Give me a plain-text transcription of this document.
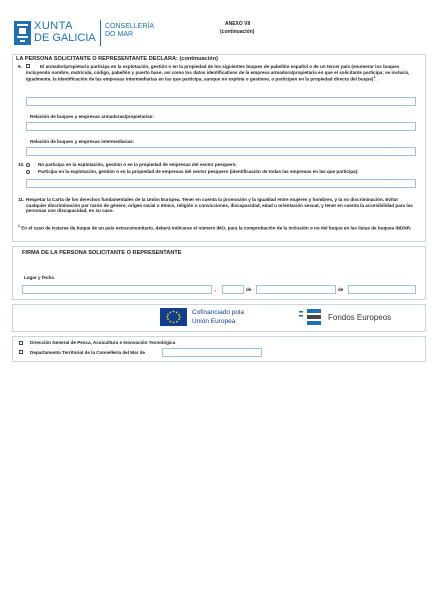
XUNTA
DE GALICIA
CONSELLERÍA
DO MAR
ANEXO VII
(continuación)
LA PERSONA SOLICITANTE O REPRESENTANTE DECLARA: (continuación)
9.	El armador/propietario participa en la explotación, gestión o en la propiedad de los siguientes buques de pabellón español o de un tercer país (enumerar los buques incluyendo nombre, matrícula, código, pabellón y puerto base, así como los datos identificativos de la empresa armadora/propietaria en que el solicitante participa; se incluirá, igualmente, la identificación de las empresas intermediarias en las que participa, aunque no explote o gestione, o participen en la propiedad directa del buque)$^1$.
Relación de buques y empresas armadoras/propietarias:
Relación de buques y empresas intermediarias:
10.	No participa en la explotación, gestión o en la propiedad de empresas del sector pesquero.
Participa en la explotación, gestión o en la propiedad de empresas del sector pesquero (identificación de todas las empresas en las que participa):
11. Respetar la Carta de los derechos fundamentales de la Unión Europea. Tener en cuenta la promoción y la igualdad entre mujeres y hombres, y la no discriminación. Evitar cualquier discriminación por razón de género, origen racial o étnico, religión o convicciones, discapacidad, edad u orientación sexual, y tener en cuenta la accesibilidad para las personas con discapacidad, en su caso.
$^1$ En el caso de tratarse de buque de un país extracomunitario, deberá indicarse el número IMO, para la comprobación de la inclusión o no del buque en las listas de buques INDNR.
FIRMA DE LA PERSONA SOLICITANTE O REPRESENTANTE
Lugar y fecha
,	de	de
Cofinanciado pola
Unión Europea	Fondos Europeos
Dirección General de Pesca, Acuicultura e Innovación Tecnológica
Departamento Territorial de la Consellería del Mar de
